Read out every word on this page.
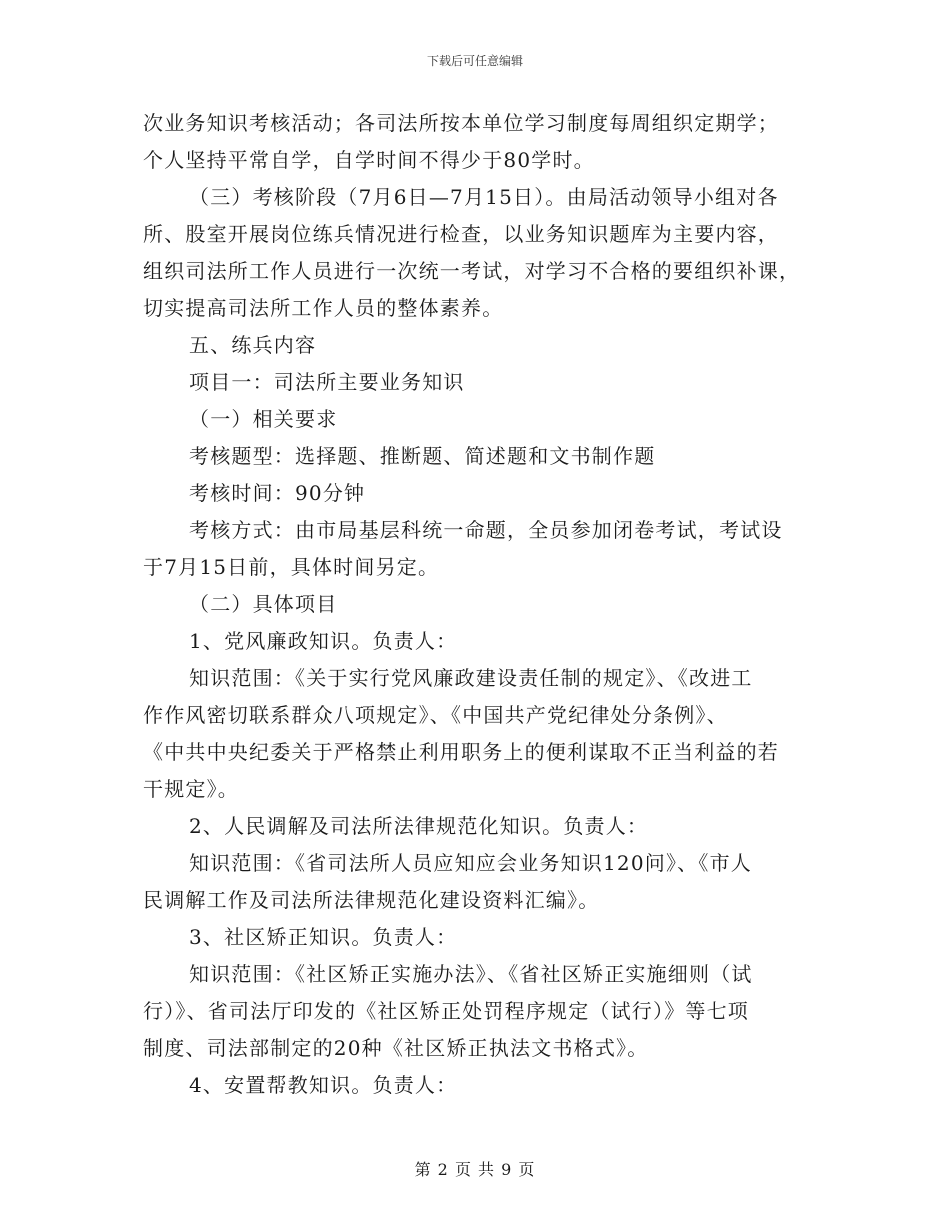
下载后可任意编辑
次业务知识考核活动；各司法所按本单位学习制度每周组织定期学；
个人坚持平常自学，自学时间不得少于80学时。
（三）考核阶段（7月6日—7月15日）。由局活动领导小组对各
所、股室开展岗位练兵情况进行检查，以业务知识题库为主要内容，
组织司法所工作人员进行一次统一考试，对学习不合格的要组织补课，
切实提高司法所工作人员的整体素养。
五、练兵内容
项目一：司法所主要业务知识
（一）相关要求
考核题型：选择题、推断题、简述题和文书制作题
考核时间：90分钟
考核方式：由市局基层科统一命题，全员参加闭卷考试，考试设
于7月15日前，具体时间另定。
（二）具体项目
1、党风廉政知识。负责人：
知识范围：《关于实行党风廉政建设责任制的规定》、《改进工
作作风密切联系群众八项规定》、《中国共产党纪律处分条例》、
《中共中央纪委关于严格禁止利用职务上的便利谋取不正当利益的若
干规定》。
2、人民调解及司法所法律规范化知识。负责人：
知识范围：《省司法所人员应知应会业务知识120问》、《市人
民调解工作及司法所法律规范化建设资料汇编》。
3、社区矫正知识。负责人：
知识范围：《社区矫正实施办法》、《省社区矫正实施细则（试
行）》、省司法厅印发的《社区矫正处罚程序规定（试行）》等七项
制度、司法部制定的20种《社区矫正执法文书格式》。
4、安置帮教知识。负责人：
第 2 页 共 9 页
